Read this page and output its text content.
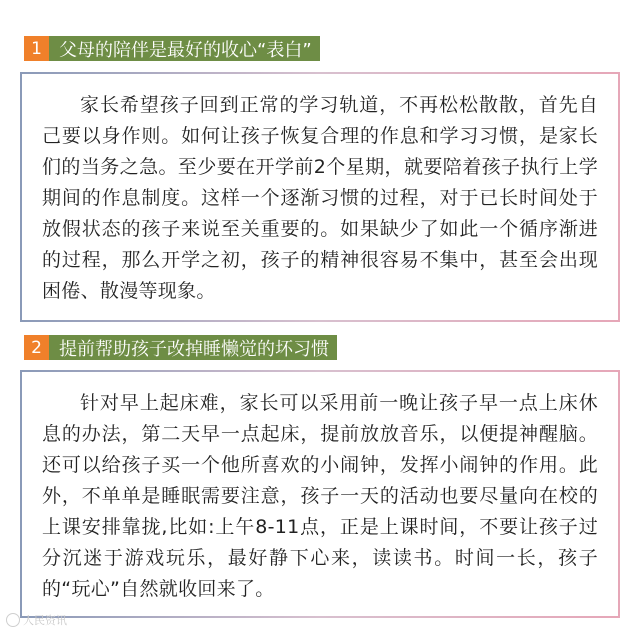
1 父母的陪伴是最好的收心“表白”

家长希望孩子回到正常的学习轨道，不再松松散散，首先自己要以身作则。如何让孩子恢复合理的作息和学习习惯，是家长们的当务之急。至少要在开学前2个星期，就要陪着孩子执行上学期间的作息制度。这样一个逐渐习惯的过程，对于已长时间处于放假状态的孩子来说至关重要的。如果缺少了如此一个循序渐进的过程，那么开学之初，孩子的精神很容易不集中，甚至会出现困倦、散漫等现象。

2 提前帮助孩子改掉睡懒觉的坏习惯

针对早上起床难，家长可以采用前一晚让孩子早一点上床休息的办法，第二天早一点起床，提前放放音乐，以便提神醒脑。还可以给孩子买一个他所喜欢的小闹钟，发挥小闹钟的作用。此外，不单单是睡眠需要注意，孩子一天的活动也要尽量向在校的上课安排靠拢,比如:上午8-11点，正是上课时间，不要让孩子过分沉迷于游戏玩乐，最好静下心来，读读书。时间一长，孩子的“玩心”自然就收回来了。

人民资讯
